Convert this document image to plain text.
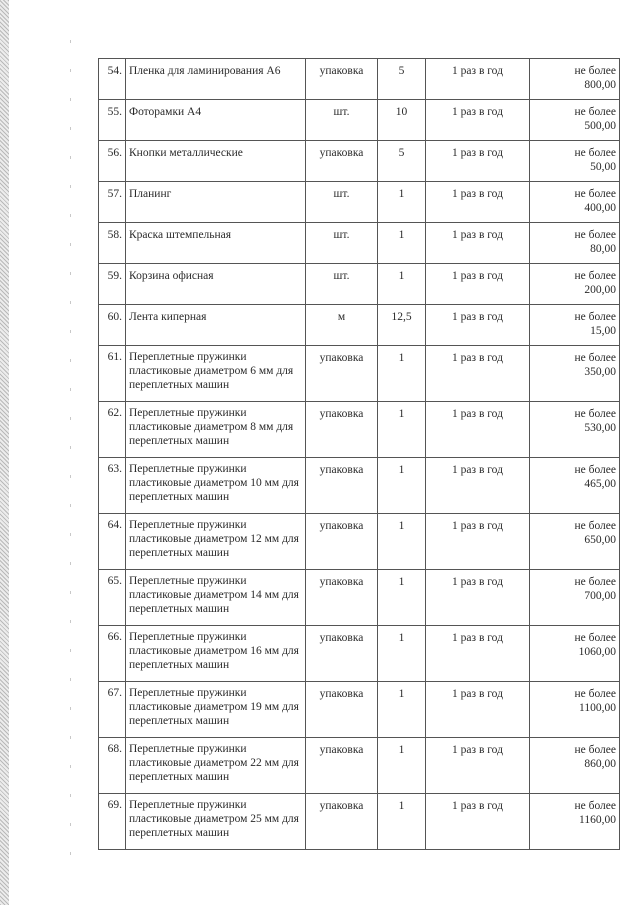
54.	Пленка для ламинирования А6	упаковка	5	1 раз в год	не более
800,00
55.	Фоторамки А4	шт.	10	1 раз в год	не более
500,00
56.	Кнопки металлические	упаковка	5	1 раз в год	не более
50,00
57.	Планинг	шт.	1	1 раз в год	не более
400,00
58.	Краска штемпельная	шт.	1	1 раз в год	не более
80,00
59.	Корзина офисная	шт.	1	1 раз в год	не более
200,00
60.	Лента киперная	м	12,5	1 раз в год	не более
15,00
61.	Переплетные пружинки пластиковые диаметром 6 мм для переплетных машин	упаковка	1	1 раз в год	не более
350,00
62.	Переплетные пружинки пластиковые диаметром 8 мм для переплетных машин	упаковка	1	1 раз в год	не более
530,00
63.	Переплетные пружинки пластиковые диаметром 10 мм для переплетных машин	упаковка	1	1 раз в год	не более
465,00
64.	Переплетные пружинки пластиковые диаметром 12 мм для переплетных машин	упаковка	1	1 раз в год	не более
650,00
65.	Переплетные пружинки пластиковые диаметром 14 мм для переплетных машин	упаковка	1	1 раз в год	не более
700,00
66.	Переплетные пружинки пластиковые диаметром 16 мм для переплетных машин	упаковка	1	1 раз в год	не более
1060,00
67.	Переплетные пружинки пластиковые диаметром 19 мм для переплетных машин	упаковка	1	1 раз в год	не более
1100,00
68.	Переплетные пружинки пластиковые диаметром 22 мм для переплетных машин	упаковка	1	1 раз в год	не более
860,00
69.	Переплетные пружинки пластиковые диаметром 25 мм для переплетных машин	упаковка	1	1 раз в год	не более
1160,00
